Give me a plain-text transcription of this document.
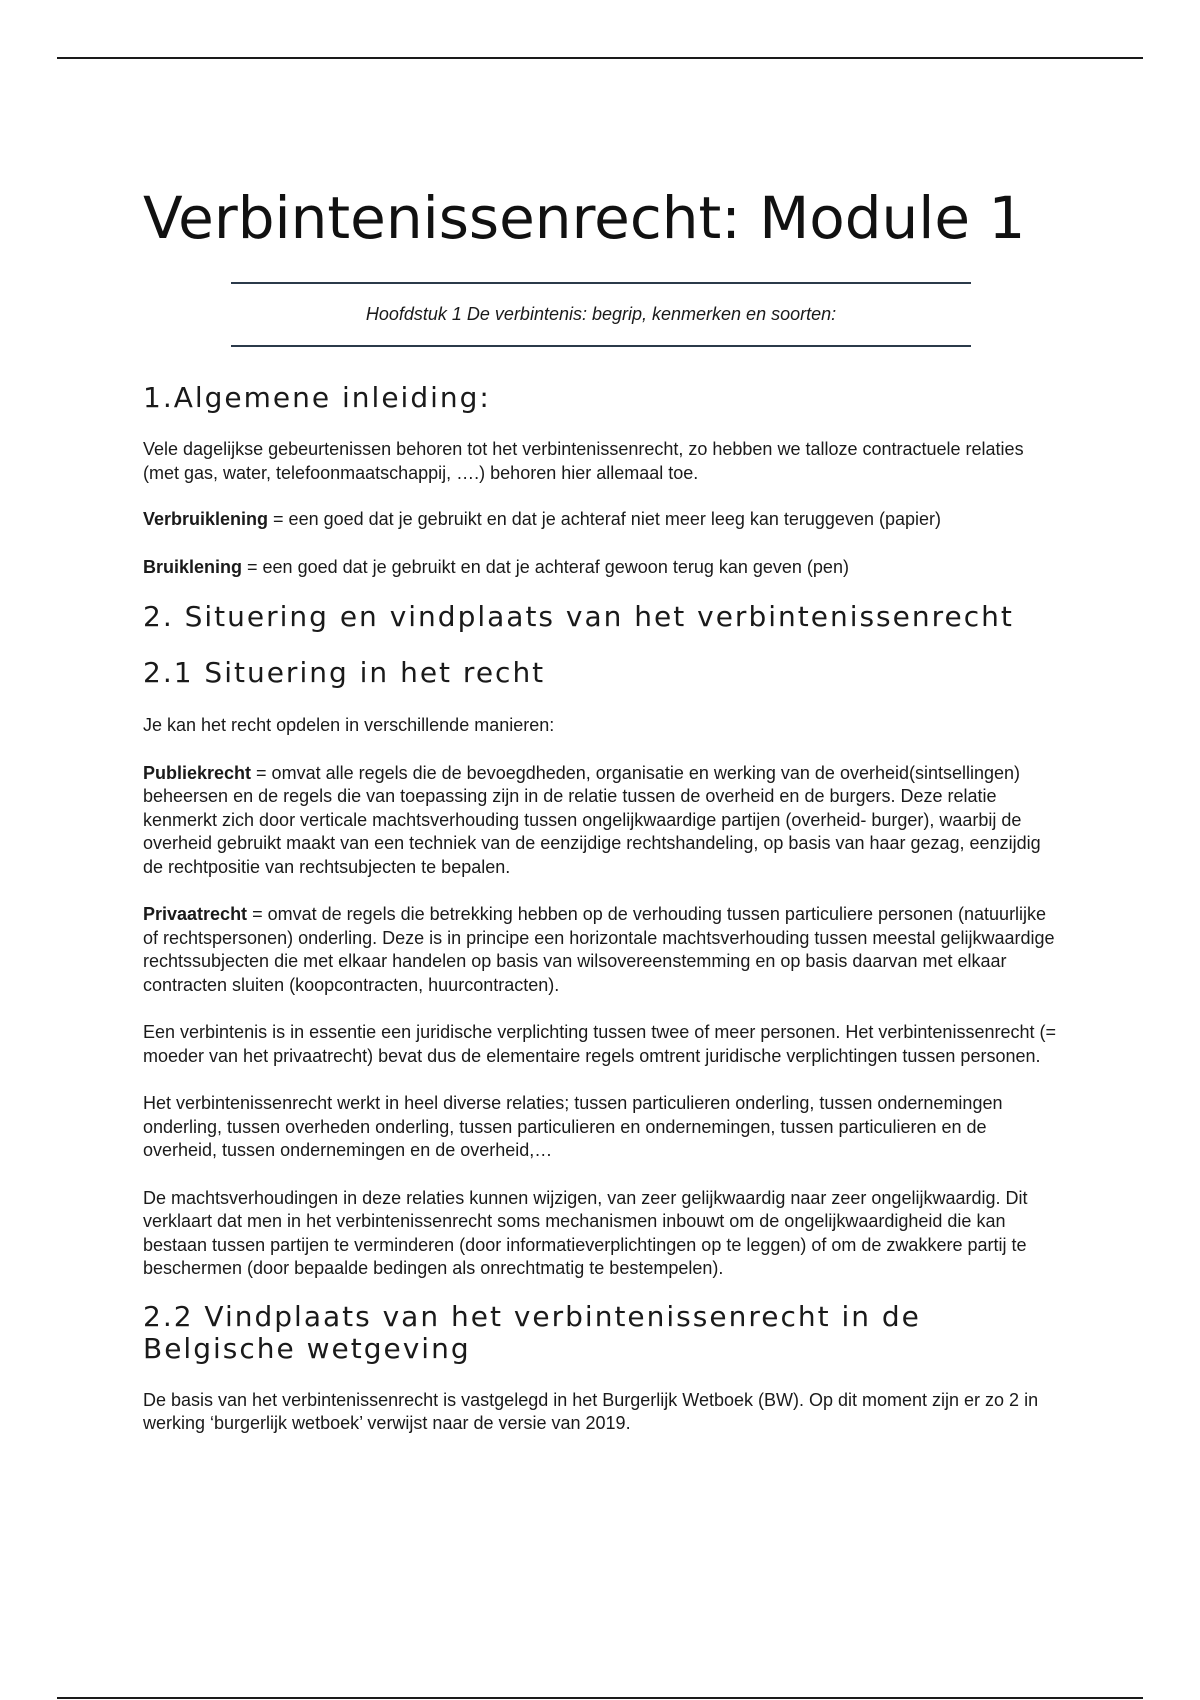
Verbintenissenrecht: Module 1
Hoofdstuk 1 De verbintenis: begrip, kenmerken en soorten:
1.Algemene inleiding:

Vele dagelijkse gebeurtenissen behoren tot het verbintenissenrecht, zo hebben we talloze contractuele relaties (met gas, water, telefoonmaatschappij, ….) behoren hier allemaal toe.

Verbruiklening = een goed dat je gebruikt en dat je achteraf niet meer leeg kan teruggeven (papier)

Bruiklening = een goed dat je gebruikt en dat je achteraf gewoon terug kan geven (pen)

2. Situering en vindplaats van het verbintenissenrecht
2.1 Situering in het recht

Je kan het recht opdelen in verschillende manieren:

Publiekrecht = omvat alle regels die de bevoegdheden, organisatie en werking van de overheid(sintsellingen) beheersen en de regels die van toepassing zijn in de relatie tussen de overheid en de burgers. Deze relatie kenmerkt zich door verticale machtsverhouding tussen ongelijkwaardige partijen (overheid- burger), waarbij de overheid gebruikt maakt van een techniek van de eenzijdige rechtshandeling, op basis van haar gezag, eenzijdig de rechtpositie van rechtsubjecten te bepalen.

Privaatrecht = omvat de regels die betrekking hebben op de verhouding tussen particuliere personen (natuurlijke of rechtspersonen) onderling. Deze is in principe een horizontale machtsverhouding tussen meestal gelijkwaardige rechtssubjecten die met elkaar handelen op basis van wilsovereenstemming en op basis daarvan met elkaar contracten sluiten (koopcontracten, huurcontracten).

Een verbintenis is in essentie een juridische verplichting tussen twee of meer personen. Het verbintenissenrecht (= moeder van het privaatrecht) bevat dus de elementaire regels omtrent juridische verplichtingen tussen personen.

Het verbintenissenrecht werkt in heel diverse relaties; tussen particulieren onderling, tussen ondernemingen onderling, tussen overheden onderling, tussen particulieren en ondernemingen, tussen particulieren en de overheid, tussen ondernemingen en de overheid,…

De machtsverhoudingen in deze relaties kunnen wijzigen, van zeer gelijkwaardig naar zeer ongelijkwaardig. Dit verklaart dat men in het verbintenissenrecht soms mechanismen inbouwt om de ongelijkwaardigheid die kan bestaan tussen partijen te verminderen (door informatieverplichtingen op te leggen) of om de zwakkere partij te beschermen (door bepaalde bedingen als onrechtmatig te bestempelen).

2.2 Vindplaats van het verbintenissenrecht in de Belgische wetgeving

De basis van het verbintenissenrecht is vastgelegd in het Burgerlijk Wetboek (BW). Op dit moment zijn er zo 2 in werking ‘burgerlijk wetboek’ verwijst naar de versie van 2019.
